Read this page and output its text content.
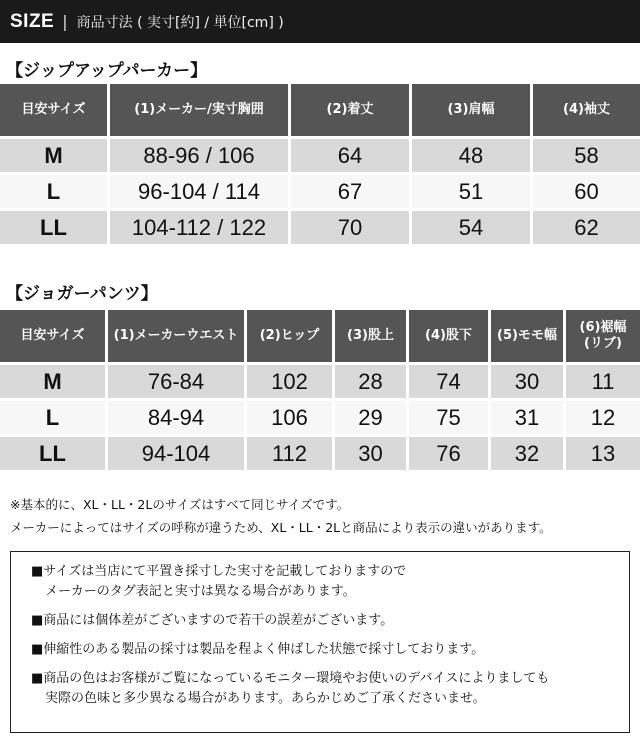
SIZE | 商品寸法 ( 実寸[約] / 単位[cm] )
【ジップアップパーカー】
目安サイズ	(1)メーカー/実寸胸囲	(2)着丈	(3)肩幅	(4)袖丈

M	88-96 / 106	64	48	58

L	96-104 / 114	67	51	60

LL	104-112 / 122	70	54	62
【ジョガーパンツ】
目安サイズ	(1)メーカーウエスト	(2)ヒップ	(3)股上	(4)股下	(5)モモ幅	(6)裾幅
(リブ)

M	76-84	102	28	74	30	11

L	84-94	106	29	75	31	12

LL	94-104	112	30	76	32	13
※基本的に、XL・LL・2Lのサイズはすべて同じサイズです。
メーカーによってはサイズの呼称が違うため、XL・LL・2Lと商品により表示の違いがあります。
■サイズは当店にて平置き採寸した実寸を記載しておりますので
メーカーのタグ表記と実寸は異なる場合があります。
■商品には個体差がございますので若干の誤差がございます。
■伸縮性のある製品の採寸は製品を程よく伸ばした状態で採寸しております。
■商品の色はお客様がご覧になっているモニター環境やお使いのデバイスによりましても
実際の色味と多少異なる場合があります。あらかじめご了承くださいませ。
